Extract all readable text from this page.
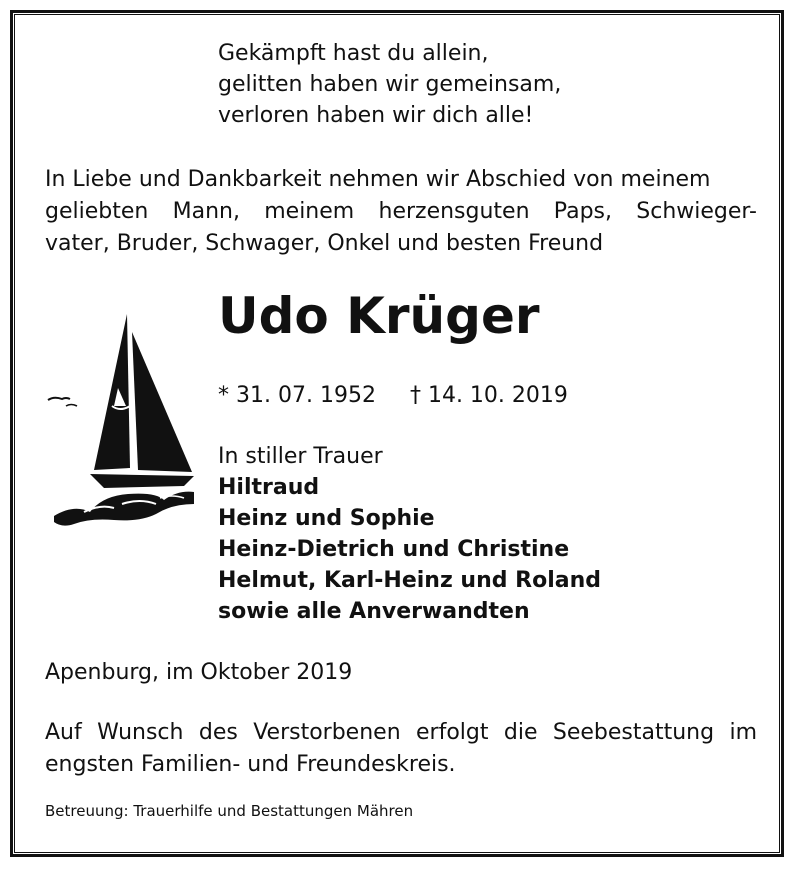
Gekämpft hast du allein,
gelitten haben wir gemeinsam,
verloren haben wir dich alle!
In Liebe und Dankbarkeit nehmen wir Abschied von meinem
geliebten Mann, meinem herzensguten Paps, Schwieger-
vater, Bruder, Schwager, Onkel und besten Freund
Udo Krüger
* 31. 07. 1952 † 14. 10. 2019
In stiller Trauer
Hiltraud
Heinz und Sophie
Heinz-Dietrich und Christine
Helmut, Karl-Heinz und Roland
sowie alle Anverwandten
Apenburg, im Oktober 2019
Auf Wunsch des Verstorbenen erfolgt die Seebestattung im
engsten Familien- und Freundeskreis.
Betreuung: Trauerhilfe und Bestattungen Mähren
